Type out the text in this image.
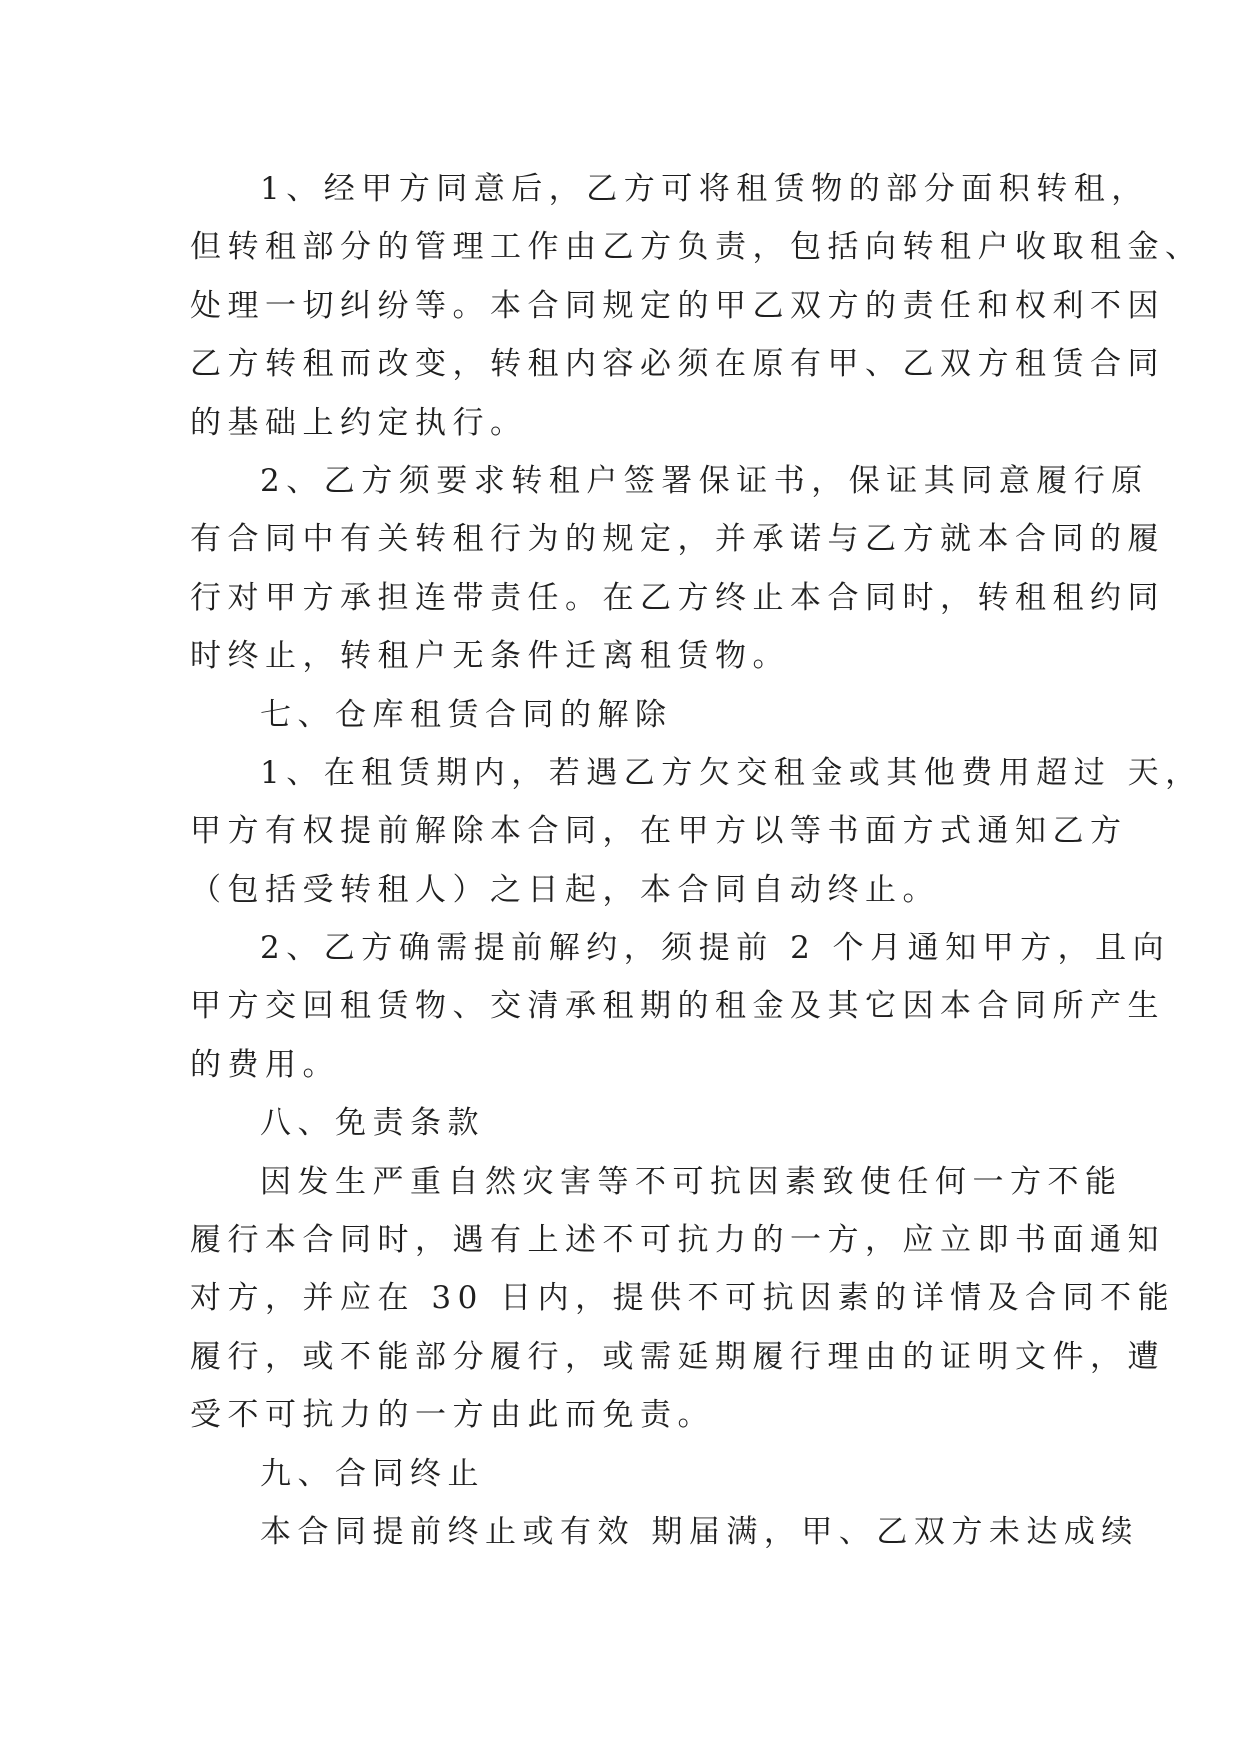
1、经甲方同意后，乙方可将租赁物的部分面积转租，
但转租部分的管理工作由乙方负责，包括向转租户收取租金、
处理一切纠纷等。本合同规定的甲乙双方的责任和权利不因
乙方转租而改变，转租内容必须在原有甲、乙双方租赁合同
的基础上约定执行。
2、乙方须要求转租户签署保证书，保证其同意履行原
有合同中有关转租行为的规定，并承诺与乙方就本合同的履
行对甲方承担连带责任。在乙方终止本合同时，转租租约同
时终止，转租户无条件迁离租赁物。
七、仓库租赁合同的解除
1、在租赁期内，若遇乙方欠交租金或其他费用超过 天，
甲方有权提前解除本合同，在甲方以等书面方式通知乙方
（包括受转租人）之日起，本合同自动终止。
2、乙方确需提前解约，须提前 2 个月通知甲方，且向
甲方交回租赁物、交清承租期的租金及其它因本合同所产生
的费用。
八、免责条款
因发生严重自然灾害等不可抗因素致使任何一方不能
履行本合同时，遇有上述不可抗力的一方，应立即书面通知
对方，并应在 30 日内，提供不可抗因素的详情及合同不能
履行，或不能部分履行，或需延期履行理由的证明文件，遭
受不可抗力的一方由此而免责。
九、合同终止
本合同提前终止或有效 期届满，甲、乙双方未达成续
